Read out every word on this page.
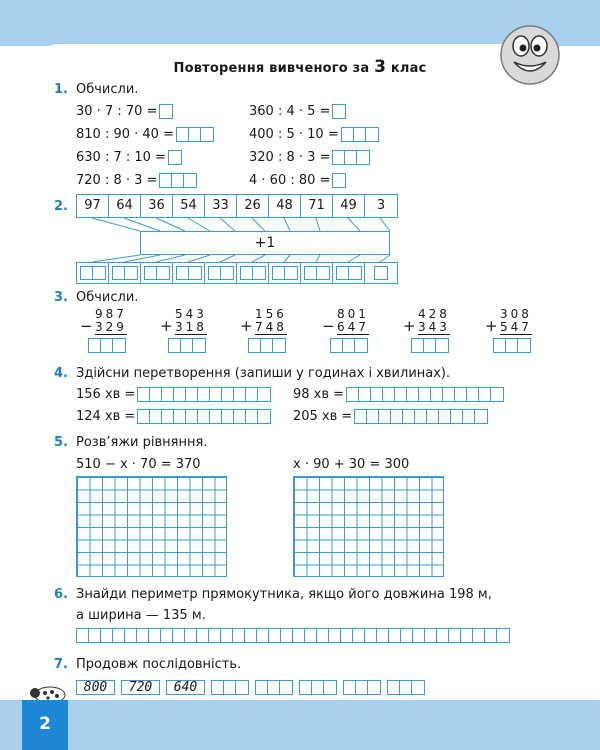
Повторення вивченого за 3 клас
1. Обчисли.
30 · 7 : 70 =
810 : 90 · 40 =
630 : 7 : 10 =
720 : 8 · 3 =
360 : 4 · 5 =
400 : 5 · 10 =
320 : 8 · 3 =
4 · 60 : 80 =
2.	97	64	36	54	33	26	48	71	49	3
+1
3. Обчисли.
−
987
329 +
543
318 +
156
748 −
801
647 +
428
343 +
308
547
4. Здійсни перетворення (запиши у годинах і хвилинах).
156 хв =
124 хв =
98 хв =
205 хв =
5. Розв’яжи рівняння.
510 − x · 70 = 370	x · 90 + 30 = 300
6. Знайди периметр прямокутника, якщо його довжина 198 м,
а ширина — 135 м.
7. Продовж послідовність.
800	720	640
2
